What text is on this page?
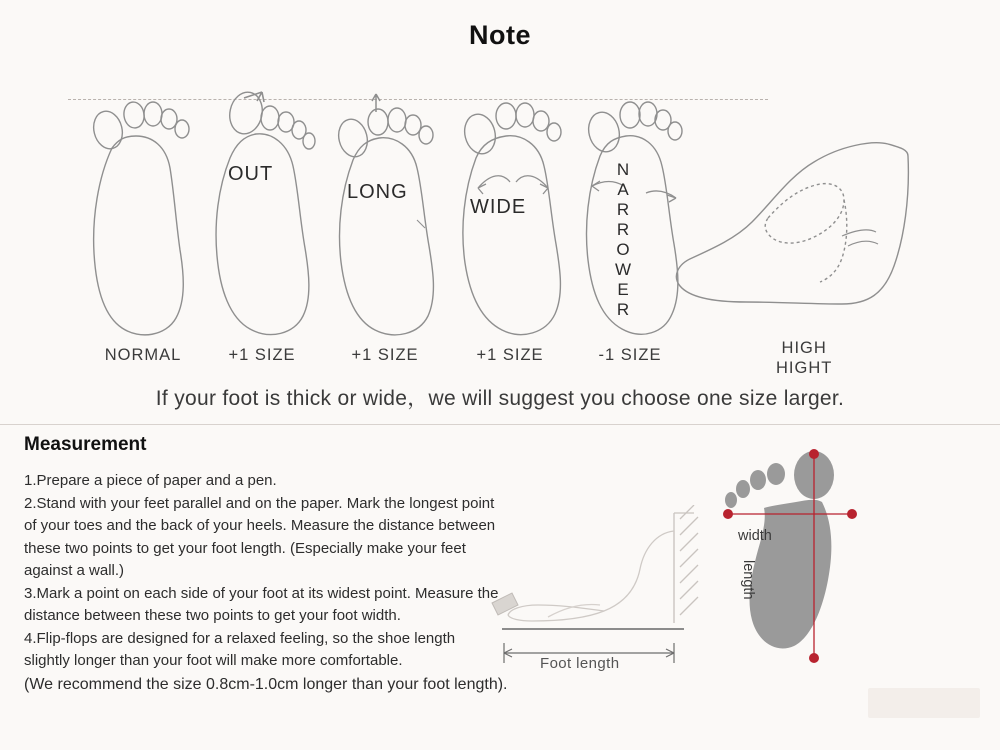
Note
NORMAL
OUT
+1 SIZE
LONG
+1 SIZE
WIDE
+1 SIZE
N
A
R
R
O
W
E
R
-1 SIZE	HIGH
HIGHT
If your foot is thick or wide，we will suggest you choose one size larger.
Measurement

1.Prepare a piece of paper and a pen.

2.Stand with your feet parallel and on the paper. Mark the longest point of your toes and the back of your heels. Measure the distance between these two points to get your foot length. (Especially make your feet against a wall.)

3.Mark a point on each side of your foot at its widest point. Measure the distance between these two points to get your foot width.

4.Flip-flops are designed for a relaxed feeling, so the shoe length slightly longer than your foot will make more comfortable.

(We recommend the size 0.8cm-1.0cm longer than your foot length).
Foot length
width
length
